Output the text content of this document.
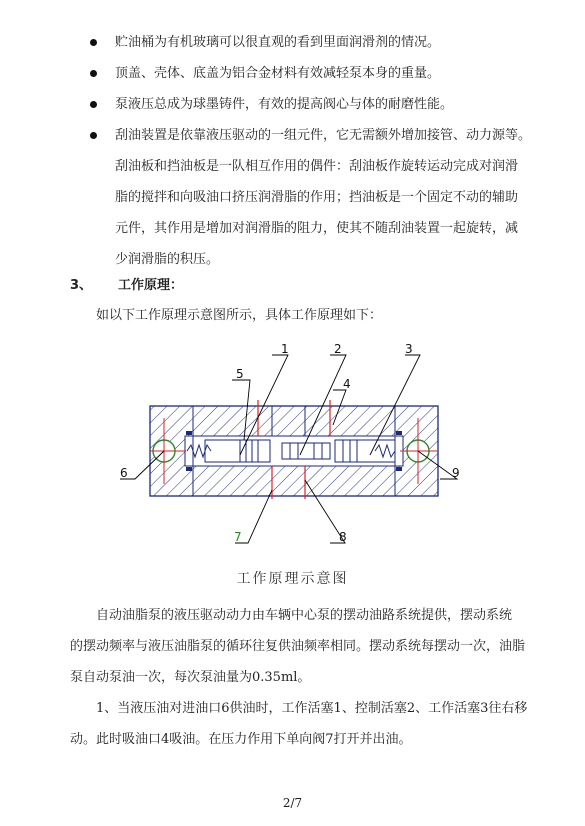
贮油桶为有机玻璃可以很直观的看到里面润滑剂的情况。
顶盖、壳体、底盖为铝合金材料有效减轻泵本身的重量。
泵液压总成为球墨铸件，有效的提高阀心与体的耐磨性能。
刮油装置是依靠液压驱动的一组元件，它无需额外增加接管、动力源等。
刮油板和挡油板是一队相互作用的偶件：刮油板作旋转运动完成对润滑
脂的搅拌和向吸油口挤压润滑脂的作用；挡油板是一个固定不动的辅助
元件，其作用是增加对润滑脂的阻力，使其不随刮油装置一起旋转，减
少润滑脂的积压。
3、 工作原理：
如以下工作原理示意图所示，具体工作原理如下：
1	2	3
4
5
6
7	8
9
工作原理示意图
自动油脂泵的液压驱动动力由车辆中心泵的摆动油路系统提供，摆动系统
的摆动频率与液压油脂泵的循环往复供油频率相同。摆动系统每摆动一次，油脂
泵自动泵油一次，每次泵油量为0.35ml。
1、当液压油对进油口6供油时，工作活塞1、控制活塞2、工作活塞3往右移
动。此时吸油口4吸油。在压力作用下单向阀7打开并出油。
2/7
